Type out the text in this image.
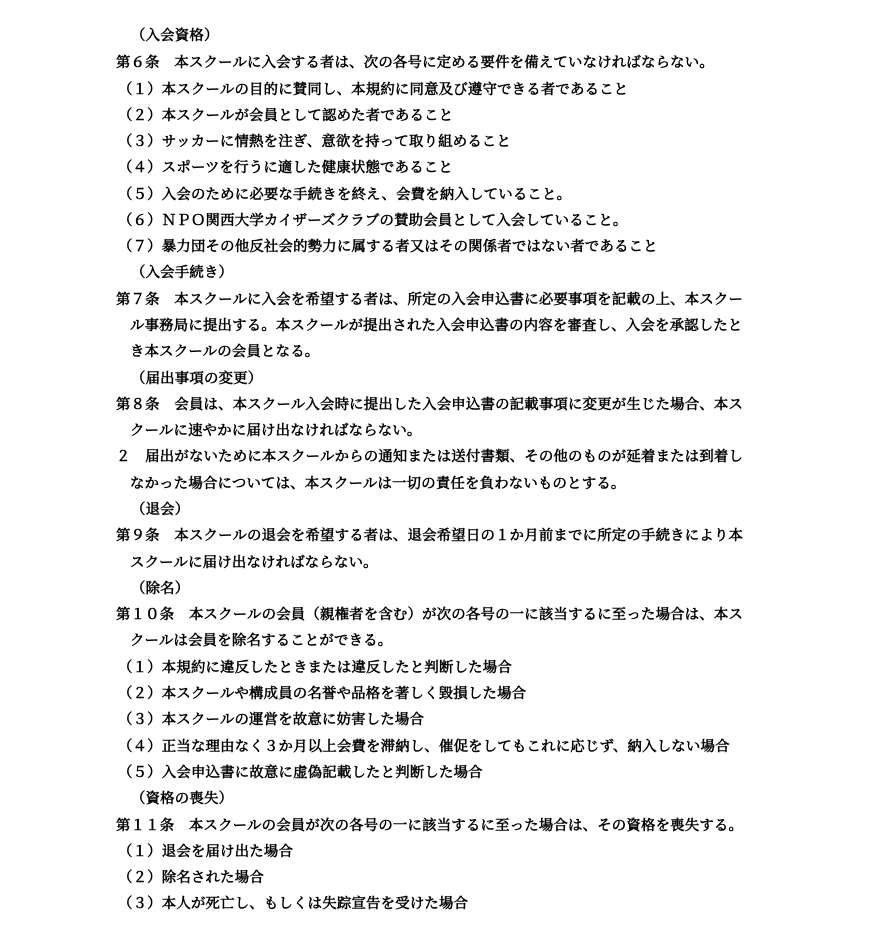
（入会資格）
第６条　本スクールに入会する者は、次の各号に定める要件を備えていなければならない。
（１）本スクールの目的に賛同し、本規約に同意及び遵守できる者であること
（２）本スクールが会員として認めた者であること
（３）サッカーに情熱を注ぎ、意欲を持って取り組めること
（４）スポーツを行うに適した健康状態であること
（５）入会のために必要な手続きを終え、会費を納入していること。
（６）ＮＰＯ関西大学カイザーズクラブの賛助会員として入会していること。
（７）暴力団その他反社会的勢力に属する者又はその関係者ではない者であること
（入会手続き）
第７条　本スクールに入会を希望する者は、所定の入会申込書に必要事項を記載の上、本スクー
ル事務局に提出する。本スクールが提出された入会申込書の内容を審査し、入会を承認したと
き本スクールの会員となる。
（届出事項の変更）
第８条　会員は、本スクール入会時に提出した入会申込書の記載事項に変更が生じた場合、本ス
クールに速やかに届け出なければならない。
２　届出がないために本スクールからの通知または送付書類、その他のものが延着または到着し
なかった場合については、本スクールは一切の責任を負わないものとする。
（退会）
第９条　本スクールの退会を希望する者は、退会希望日の１か月前までに所定の手続きにより本
スクールに届け出なければならない。
（除名）
第１０条　本スクールの会員（親権者を含む）が次の各号の一に該当するに至った場合は、本ス
クールは会員を除名することができる。
（１）本規約に違反したときまたは違反したと判断した場合
（２）本スクールや構成員の名誉や品格を著しく毀損した場合
（３）本スクールの運営を故意に妨害した場合
（４）正当な理由なく３か月以上会費を滞納し、催促をしてもこれに応じず、納入しない場合
（５）入会申込書に故意に虚偽記載したと判断した場合
（資格の喪失）
第１１条　本スクールの会員が次の各号の一に該当するに至った場合は、その資格を喪失する。
（１）退会を届け出た場合
（２）除名された場合
（３）本人が死亡し、もしくは失踪宣告を受けた場合
